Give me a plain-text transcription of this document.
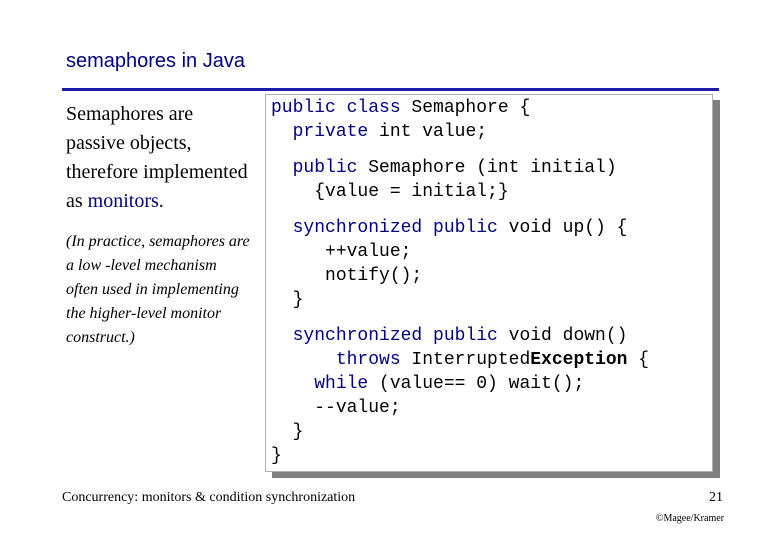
semaphores in Java

Semaphores are passive objects, therefore implemented as monitors.

(In practice, semaphores are a low -level mechanism often used in implementing the higher-level monitor construct.)

public class Semaphore {
private int value;
public Semaphore (int initial)
{value = initial;}
synchronized public void up() {
++value;
notify();
}
synchronized public void down()
throws InterruptedException {
while (value== 0) wait();
--value;
}
}
Concurrency: monitors & condition synchronization	21
©Magee/Kramer
